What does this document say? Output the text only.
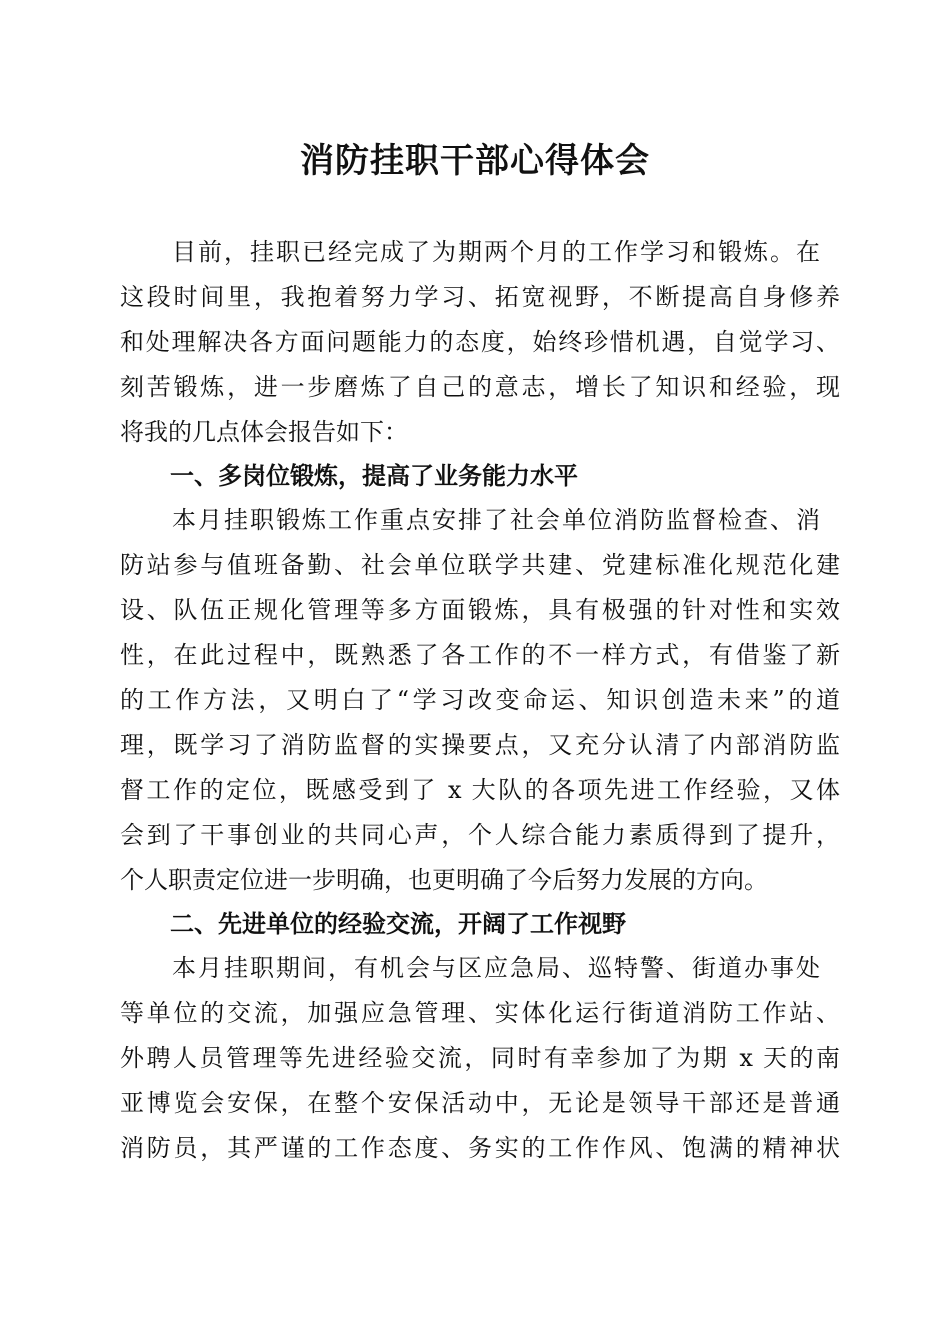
消防挂职干部心得体会

目前，挂职已经完成了为期两个月的工作学习和锻炼。在

这段时间里，我抱着努力学习、拓宽视野，不断提高自身修养

和处理解决各方面问题能力的态度，始终珍惜机遇，自觉学习、

刻苦锻炼，进一步磨炼了自己的意志，增长了知识和经验，现

将我的几点体会报告如下：

一、多岗位锻炼，提高了业务能力水平

本月挂职锻炼工作重点安排了社会单位消防监督检查、消

防站参与值班备勤、社会单位联学共建、党建标准化规范化建

设、队伍正规化管理等多方面锻炼，具有极强的针对性和实效

性，在此过程中，既熟悉了各工作的不一样方式，有借鉴了新

的工作方法，又明白了“学习改变命运、知识创造未来”的道

理，既学习了消防监督的实操要点，又充分认清了内部消防监

督工作的定位，既感受到了 x 大队的各项先进工作经验，又体

会到了干事创业的共同心声，个人综合能力素质得到了提升，

个人职责定位进一步明确，也更明确了今后努力发展的方向。

二、先进单位的经验交流，开阔了工作视野

本月挂职期间，有机会与区应急局、巡特警、街道办事处

等单位的交流，加强应急管理、实体化运行街道消防工作站、

外聘人员管理等先进经验交流，同时有幸参加了为期 x 天的南

亚博览会安保，在整个安保活动中，无论是领导干部还是普通

消防员，其严谨的工作态度、务实的工作作风、饱满的精神状
